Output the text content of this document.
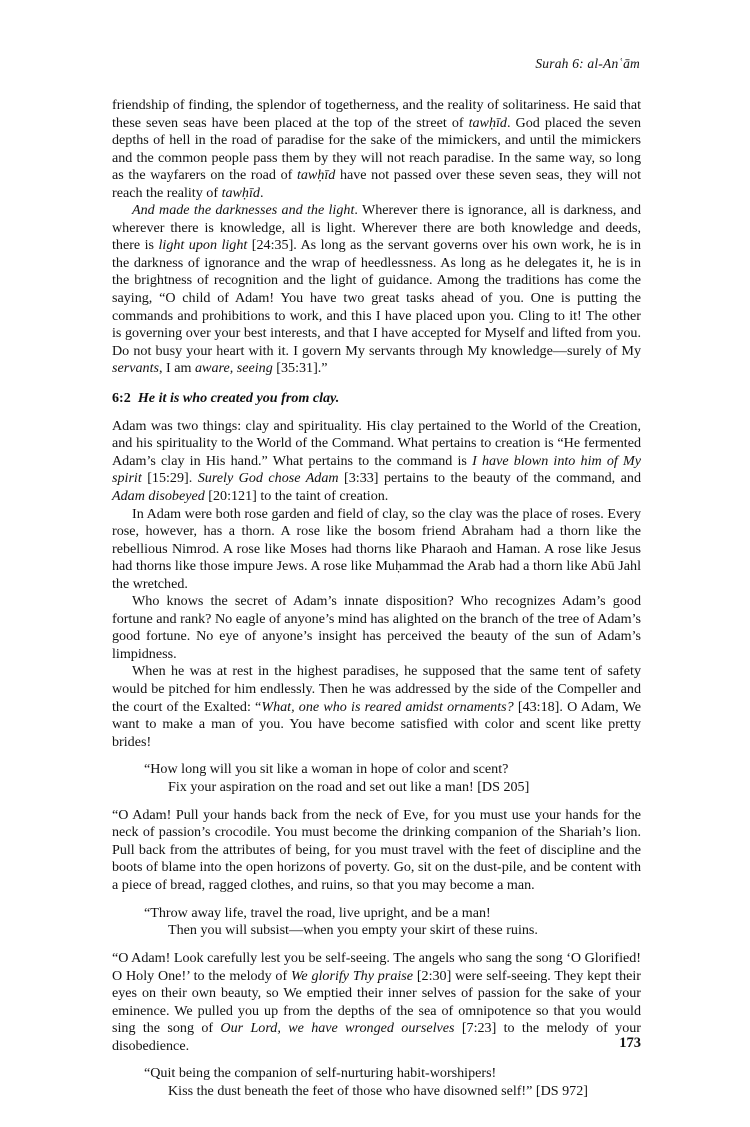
Surah 6: al-Anʿām

friendship of finding, the splendor of togetherness, and the reality of solitariness. He said that these seven seas have been placed at the top of the street of tawḥīd. God placed the seven depths of hell in the road of paradise for the sake of the mimickers, and until the mimickers and the common people pass them by they will not reach paradise. In the same way, so long as the wayfarers on the road of tawḥīd have not passed over these seven seas, they will not reach the reality of tawḥīd.

And made the darknesses and the light. Wherever there is ignorance, all is darkness, and wherever there is knowledge, all is light. Wherever there are both knowledge and deeds, there is light upon light [24:35]. As long as the servant governs over his own work, he is in the darkness of ignorance and the wrap of heedlessness. As long as he delegates it, he is in the brightness of recognition and the light of guidance. Among the traditions has come the saying, “O child of Adam! You have two great tasks ahead of you. One is putting the commands and prohibitions to work, and this I have placed upon you. Cling to it! The other is governing over your best interests, and that I have accepted for Myself and lifted from you. Do not busy your heart with it. I govern My servants through My knowledge—surely of My servants, I am aware, seeing [35:31].”

6:2 He it is who created you from clay.

Adam was two things: clay and spirituality. His clay pertained to the World of the Creation, and his spirituality to the World of the Command. What pertains to creation is “He fermented Adam’s clay in His hand.” What pertains to the command is I have blown into him of My spirit [15:29]. Surely God chose Adam [3:33] pertains to the beauty of the command, and Adam disobeyed [20:121] to the taint of creation.

In Adam were both rose garden and field of clay, so the clay was the place of roses. Every rose, however, has a thorn. A rose like the bosom friend Abraham had a thorn like the rebellious Nimrod. A rose like Moses had thorns like Pharaoh and Haman. A rose like Jesus had thorns like those impure Jews. A rose like Muḥammad the Arab had a thorn like Abū Jahl the wretched.

Who knows the secret of Adam’s innate disposition? Who recognizes Adam’s good fortune and rank? No eagle of anyone’s mind has alighted on the branch of the tree of Adam’s good fortune. No eye of anyone’s insight has perceived the beauty of the sun of Adam’s limpidness.

When he was at rest in the highest paradises, he supposed that the same tent of safety would be pitched for him endlessly. Then he was addressed by the side of the Compeller and the court of the Exalted: “What, one who is reared amidst ornaments? [43:18]. O Adam, We want to make a man of you. You have become satisfied with color and scent like pretty brides!

“How long will you sit like a woman in hope of color and scent?
Fix your aspiration on the road and set out like a man! [DS 205]

“O Adam! Pull your hands back from the neck of Eve, for you must use your hands for the neck of passion’s crocodile. You must become the drinking companion of the Shariah’s lion. Pull back from the attributes of being, for you must travel with the feet of discipline and the boots of blame into the open horizons of poverty. Go, sit on the dust-pile, and be content with a piece of bread, ragged clothes, and ruins, so that you may become a man.

“Throw away life, travel the road, live upright, and be a man!
Then you will subsist—when you empty your skirt of these ruins.

“O Adam! Look carefully lest you be self-seeing. The angels who sang the song ‘O Glorified! O Holy One!’ to the melody of We glorify Thy praise [2:30] were self-seeing. They kept their eyes on their own beauty, so We emptied their inner selves of passion for the sake of your eminence. We pulled you up from the depths of the sea of omnipotence so that you would sing the song of Our Lord, we have wronged ourselves [7:23] to the melody of your disobedience.

“Quit being the companion of self-nurturing habit-worshipers!
Kiss the dust beneath the feet of those who have disowned self!” [DS 972]
173
